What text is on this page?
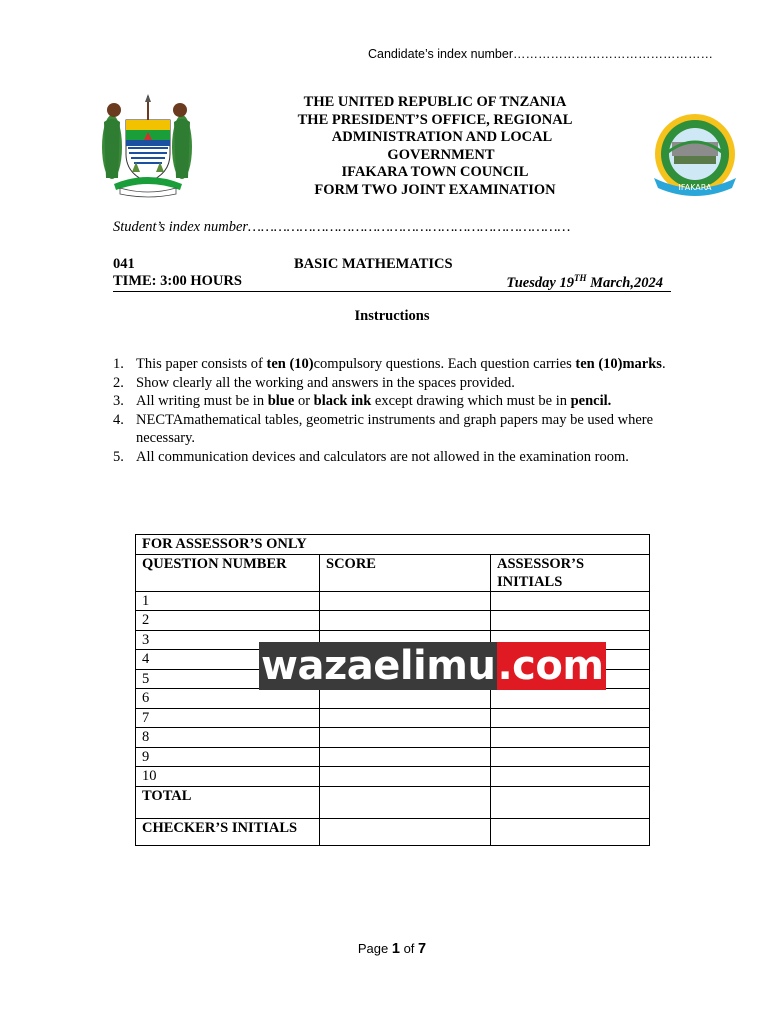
Candidate’s index number…………………………………………
THE UNITED REPUBLIC OF TNZANIA
THE PRESIDENT’S OFFICE, REGIONAL
ADMINISTRATION AND LOCAL
GOVERNMENT
IFAKARA TOWN COUNCIL
FORM TWO JOINT EXAMINATION	IFAKARA
Student’s index number…………………………………………………………………
041	BASIC MATHEMATICS
TIME: 3:00 HOURS	Tuesday 19TH March,2024
Instructions
1. This paper consists of ten (10)compulsory questions. Each question carries ten (10)marks.
2. Show clearly all the working and answers in the spaces provided.
3. All writing must be in blue or black ink except drawing which must be in pencil.
4. NECTAmathematical tables, geometric instruments and graph papers may be used where necessary.
5. All communication devices and calculators are not allowed in the examination room.
FOR ASSESSOR’S ONLY		
QUESTION NUMBER	SCORE	ASSESSOR’S INITIALS
1		
2		
3		
4		
5		
6		
7		
8		
9		
10		
TOTAL		
CHECKER’S INITIALS		
wazaelimu .com
Page 1 of 7
